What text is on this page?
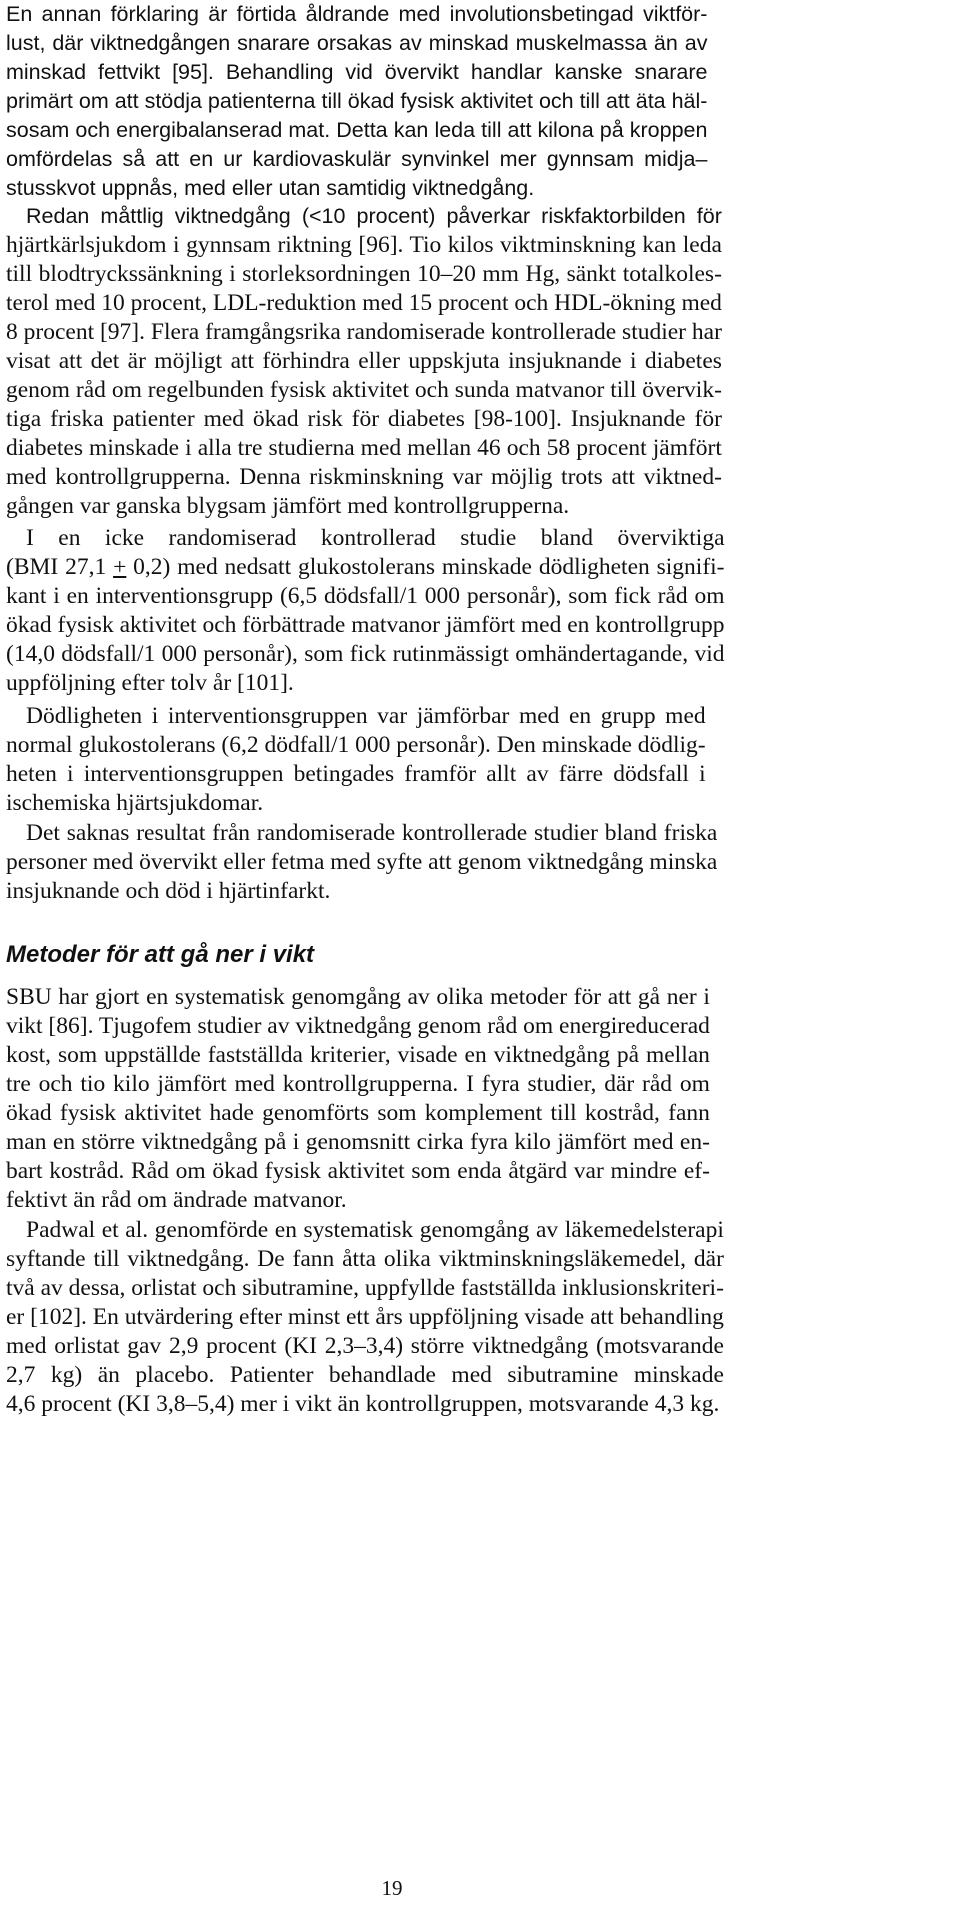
En annan förklaring är förtida åldrande med involutionsbetingad viktför-
lust, där viktnedgången snarare orsakas av minskad muskelmassa än av
minskad fettvikt [95]. Behandling vid övervikt handlar kanske snarare
primärt om att stödja patienterna till ökad fysisk aktivitet och till att äta häl-
sosam och energibalanserad mat. Detta kan leda till att kilona på kroppen
omfördelas så att en ur kardiovaskulär synvinkel mer gynnsam midja–
stusskvot uppnås, med eller utan samtidig viktnedgång.
Redan måttlig viktnedgång (<10 procent) påverkar riskfaktorbilden för
hjärtkärlsjukdom i gynnsam riktning [96]. Tio kilos viktminskning kan leda
till blodtryckssänkning i storleksordningen 10–20 mm Hg, sänkt totalkoles-
terol med 10 procent, LDL-reduktion med 15 procent och HDL-ökning med
8 procent [97]. Flera framgångsrika randomiserade kontrollerade studier har
visat att det är möjligt att förhindra eller uppskjuta insjuknande i diabetes
genom råd om regelbunden fysisk aktivitet och sunda matvanor till övervik-
tiga friska patienter med ökad risk för diabetes [98-100]. Insjuknande för
diabetes minskade i alla tre studierna med mellan 46 och 58 procent jämfört
med kontrollgrupperna. Denna riskminskning var möjlig trots att viktned-
gången var ganska blygsam jämfört med kontrollgrupperna.
I en icke randomiserad kontrollerad studie bland överviktiga
(BMI 27,1 + 0,2) med nedsatt glukostolerans minskade dödligheten signifi-
kant i en interventionsgrupp (6,5 dödsfall/1 000 personår), som fick råd om
ökad fysisk aktivitet och förbättrade matvanor jämfört med en kontrollgrupp
(14,0 dödsfall/1 000 personår), som fick rutinmässigt omhändertagande, vid
uppföljning efter tolv år [101].
Dödligheten i interventionsgruppen var jämförbar med en grupp med
normal glukostolerans (6,2 dödfall/1 000 personår). Den minskade dödlig-
heten i interventionsgruppen betingades framför allt av färre dödsfall i
ischemiska hjärtsjukdomar.
Det saknas resultat från randomiserade kontrollerade studier bland friska
personer med övervikt eller fetma med syfte att genom viktnedgång minska
insjuknande och död i hjärtinfarkt.
Metoder för att gå ner i vikt
SBU har gjort en systematisk genomgång av olika metoder för att gå ner i
vikt [86]. Tjugofem studier av viktnedgång genom råd om energireducerad
kost, som uppställde fastställda kriterier, visade en viktnedgång på mellan
tre och tio kilo jämfört med kontrollgrupperna. I fyra studier, där råd om
ökad fysisk aktivitet hade genomförts som komplement till kostråd, fann
man en större viktnedgång på i genomsnitt cirka fyra kilo jämfört med en-
bart kostråd. Råd om ökad fysisk aktivitet som enda åtgärd var mindre ef-
fektivt än råd om ändrade matvanor.
Padwal et al. genomförde en systematisk genomgång av läkemedelsterapi
syftande till viktnedgång. De fann åtta olika viktminskningsläkemedel, där
två av dessa, orlistat och sibutramine, uppfyllde fastställda inklusionskriteri-
er [102]. En utvärdering efter minst ett års uppföljning visade att behandling
med orlistat gav 2,9 procent (KI 2,3–3,4) större viktnedgång (motsvarande
2,7 kg) än placebo. Patienter behandlade med sibutramine minskade
4,6 procent (KI 3,8–5,4) mer i vikt än kontrollgruppen, motsvarande 4,3 kg.
19
